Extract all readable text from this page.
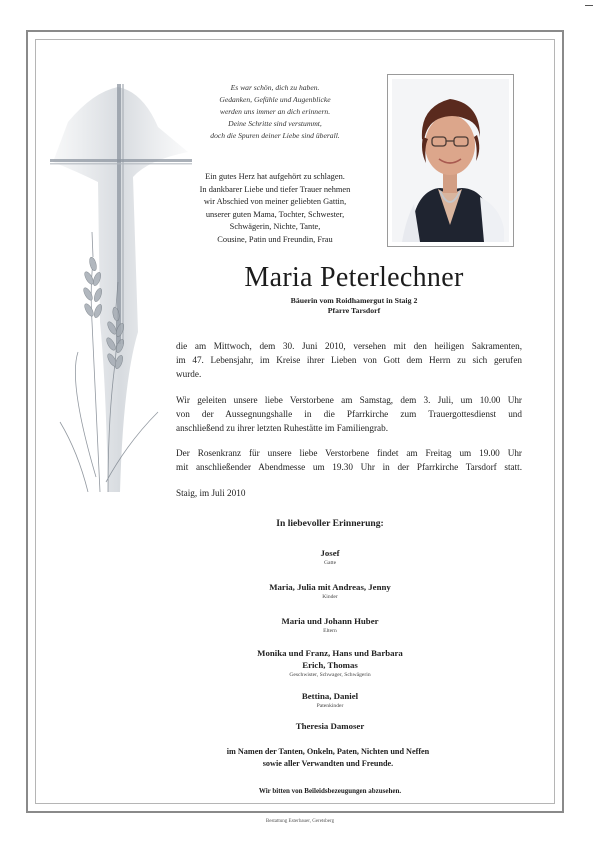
Es war schön, dich zu haben.
Gedanken, Gefühle und Augenblicke
werden uns immer an dich erinnern.
Deine Schritte sind verstummt,
doch die Spuren deiner Liebe sind überall.
Ein gutes Herz hat aufgehört zu schlagen.
In dankbarer Liebe und tiefer Trauer nehmen
wir Abschied von meiner geliebten Gattin,
unserer guten Mama, Tochter, Schwester,
Schwägerin, Nichte, Tante,
Cousine, Patin und Freundin, Frau
Maria Peterlechner
Bäuerin vom Roidhamergut in Staig 2
Pfarre Tarsdorf
die am Mittwoch, dem 30. Juni 2010, versehen mit den heiligen Sakramenten,
im 47. Lebensjahr, im Kreise ihrer Lieben von Gott dem Herrn zu sich gerufen
wurde.
Wir geleiten unsere liebe Verstorbene am Samstag, dem 3. Juli, um 10.00 Uhr
von der Aussegnungshalle in die Pfarrkirche zum Trauergottesdienst und
anschließend zu ihrer letzten Ruhestätte im Familiengrab.
Der Rosenkranz für unsere liebe Verstorbene findet am Freitag um 19.00 Uhr
mit anschließender Abendmesse um 19.30 Uhr in der Pfarrkirche Tarsdorf statt.
Staig, im Juli 2010
In liebevoller Erinnerung:
Josef
Gatte
Maria, Julia mit Andreas, Jenny
Kinder
Maria und Johann Huber
Eltern
Monika und Franz, Hans und Barbara
Erich, Thomas
Geschwister, Schwager, Schwägerin
Bettina, Daniel
Patenkinder
Theresia Damoser
im Namen der Tanten, Onkeln, Paten, Nichten und Neffen
sowie aller Verwandten und Freunde.
Wir bitten von Beileidsbezeugungen abzusehen.
Bestattung Esterbauer, Geretsberg
